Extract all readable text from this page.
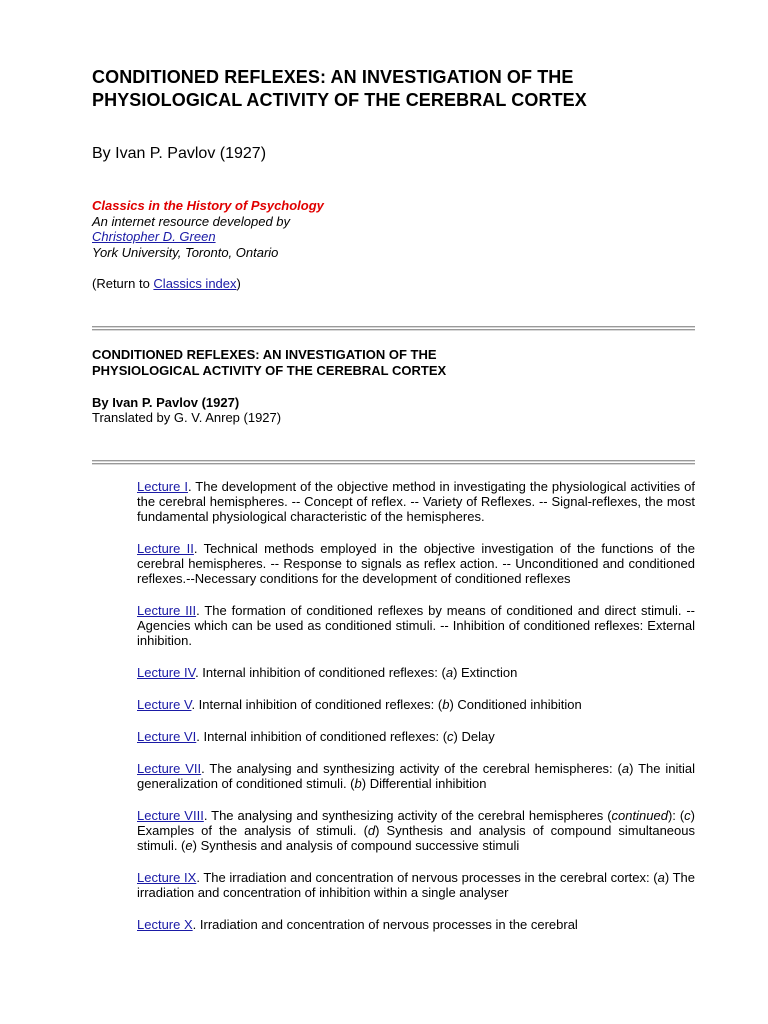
CONDITIONED REFLEXES: AN INVESTIGATION OF THE
PHYSIOLOGICAL ACTIVITY OF THE CEREBRAL CORTEX
By Ivan P. Pavlov (1927)
Classics in the History of Psychology
An internet resource developed by
Christopher D. Green
York University, Toronto, Ontario
(Return to Classics index)
CONDITIONED REFLEXES: AN INVESTIGATION OF THE
PHYSIOLOGICAL ACTIVITY OF THE CEREBRAL CORTEX
By Ivan P. Pavlov (1927)
Translated by G. V. Anrep (1927)

Lecture I. The development of the objective method in investigating the physiological activities of the cerebral hemispheres. -- Concept of reflex. -- Variety of Reflexes. -- Signal-reflexes, the most fundamental physiological characteristic of the hemispheres.

Lecture II. Technical methods employed in the objective investigation of the functions of the cerebral hemispheres. -- Response to signals as reflex action. -- Unconditioned and conditioned reflexes.--Necessary conditions for the development of conditioned reflexes

Lecture III. The formation of conditioned reflexes by means of conditioned and direct stimuli. -- Agencies which can be used as conditioned stimuli. -- Inhibition of conditioned reflexes: External inhibition.

Lecture IV. Internal inhibition of conditioned reflexes: (a) Extinction

Lecture V. Internal inhibition of conditioned reflexes: (b) Conditioned inhibition

Lecture VI. Internal inhibition of conditioned reflexes: (c) Delay

Lecture VII. The analysing and synthesizing activity of the cerebral hemispheres: (a) The initial generalization of conditioned stimuli. (b) Differential inhibition

Lecture VIII. The analysing and synthesizing activity of the cerebral hemispheres (continued): (c) Examples of the analysis of stimuli. (d) Synthesis and analysis of compound simultaneous stimuli. (e) Synthesis and analysis of compound successive stimuli

Lecture IX. The irradiation and concentration of nervous processes in the cerebral cortex: (a) The irradiation and concentration of inhibition within a single analyser

Lecture X. Irradiation and concentration of nervous processes in the cerebral
